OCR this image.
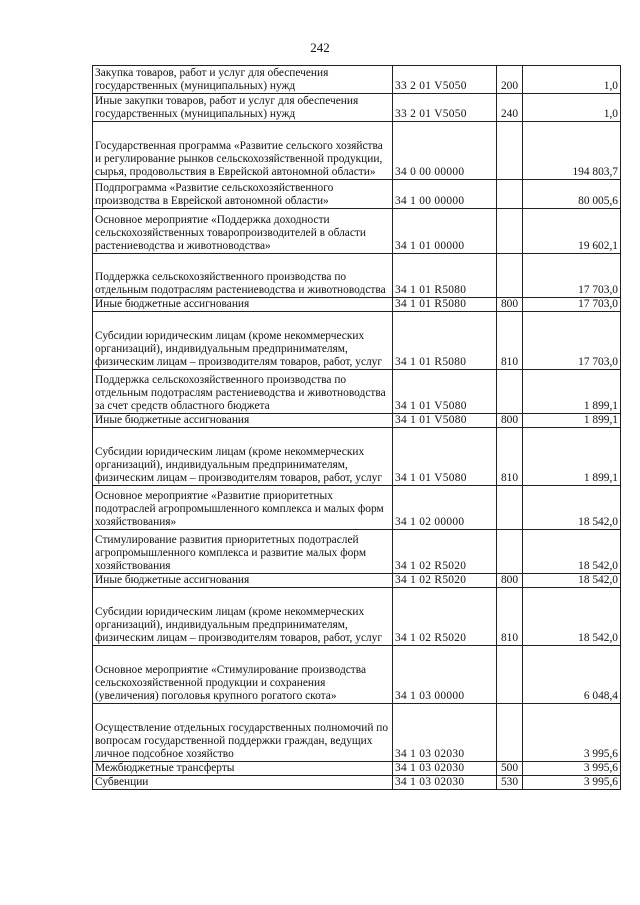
242
Закупка товаров, работ и услуг для обеспечения государственных (муниципальных) нужд	33 2 01 V5050	200	1,0
Иные закупки товаров, работ и услуг для обеспечения государственных (муниципальных) нужд	33 2 01 V5050	240	1,0
Государственная программа «Развитие сельского хозяйства и регулирование рынков сельскохозяйственной продукции, сырья, продовольствия в Еврейской автономной области»	34 0 00 00000		194 803,7
Подпрограмма «Развитие сельскохозяйственного производства в Еврейской автономной области»	34 1 00 00000		80 005,6
Основное мероприятие «Поддержка доходности сельскохозяйственных товаропроизводителей в области растениеводства и животноводства»	34 1 01 00000		19 602,1
Поддержка сельскохозяйственного производства по отдельным подотраслям растениеводства и животноводства	34 1 01 R5080		17 703,0
Иные бюджетные ассигнования	34 1 01 R5080	800	17 703,0
Субсидии юридическим лицам (кроме некоммерческих организаций), индивидуальным предпринимателям, физическим лицам – производителям товаров, работ, услуг	34 1 01 R5080	810	17 703,0
Поддержка сельскохозяйственного производства по отдельным подотраслям растениеводства и животноводства за счет средств областного бюджета	34 1 01 V5080		1 899,1
Иные бюджетные ассигнования	34 1 01 V5080	800	1 899,1
Субсидии юридическим лицам (кроме некоммерческих организаций), индивидуальным предпринимателям, физическим лицам – производителям товаров, работ, услуг	34 1 01 V5080	810	1 899,1
Основное мероприятие «Развитие приоритетных подотраслей агропромышленного комплекса и малых форм хозяйствования»	34 1 02 00000		18 542,0
Стимулирование развития приоритетных подотраслей агропромышленного комплекса и развитие малых форм хозяйствования	34 1 02 R5020		18 542,0
Иные бюджетные ассигнования	34 1 02 R5020	800	18 542,0
Субсидии юридическим лицам (кроме некоммерческих организаций), индивидуальным предпринимателям, физическим лицам – производителям товаров, работ, услуг	34 1 02 R5020	810	18 542,0
Основное мероприятие «Стимулирование производства сельскохозяйственной продукции и сохранения (увеличения) поголовья крупного рогатого скота»	34 1 03 00000		6 048,4
Осуществление отдельных государственных полномочий по вопросам государственной поддержки граждан, ведущих личное подсобное хозяйство	34 1 03 02030		3 995,6
Межбюджетные трансферты	34 1 03 02030	500	3 995,6
Субвенции	34 1 03 02030	530	3 995,6
